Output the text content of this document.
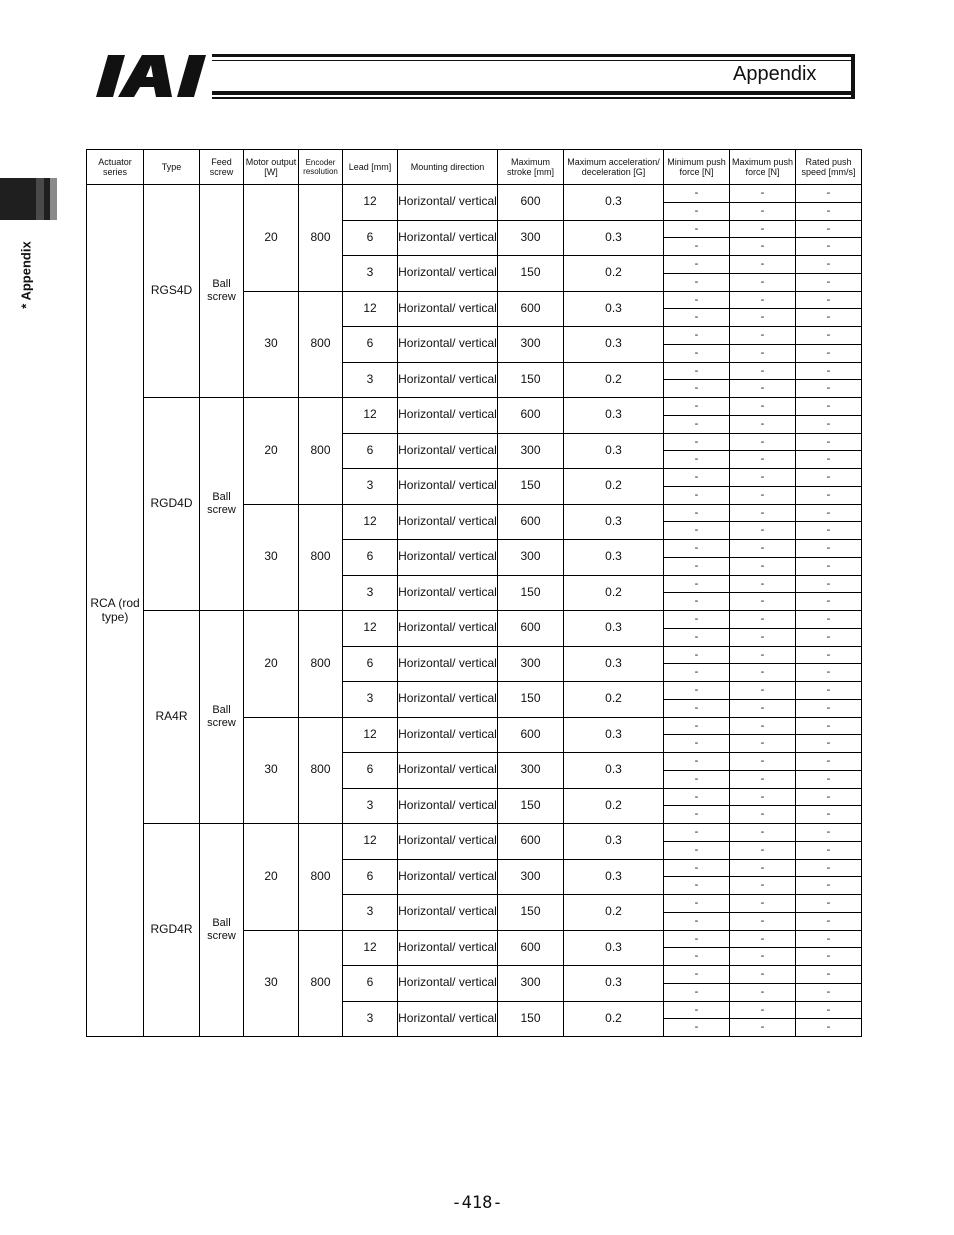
Appendix
* Appendix
Actuator series	Type	Feed screw	Motor output [W]	Encoder resolution	Lead [mm]	Mounting direction	Maximum stroke [mm]	Maximum acceleration/ deceleration [G]	Minimum push force [N]	Maximum push force [N]	Rated push speed [mm/s]
RCA (rod type)	RGS4D	Ball screw	20	800	12	Horizontal/ vertical	600	0.3	-	-	-
									-	-	-
					6	Horizontal/ vertical	300	0.3	-	-	-
									-	-	-
					3	Horizontal/ vertical	150	0.2	-	-	-
									-	-	-
			30	800	12	Horizontal/ vertical	600	0.3	-	-	-
									-	-	-
					6	Horizontal/ vertical	300	0.3	-	-	-
									-	-	-
					3	Horizontal/ vertical	150	0.2	-	-	-
									-	-	-
	RGD4D	Ball screw	20	800	12	Horizontal/ vertical	600	0.3	-	-	-
									-	-	-
					6	Horizontal/ vertical	300	0.3	-	-	-
									-	-	-
					3	Horizontal/ vertical	150	0.2	-	-	-
									-	-	-
			30	800	12	Horizontal/ vertical	600	0.3	-	-	-
									-	-	-
					6	Horizontal/ vertical	300	0.3	-	-	-
									-	-	-
					3	Horizontal/ vertical	150	0.2	-	-	-
									-	-	-
	RA4R	Ball screw	20	800	12	Horizontal/ vertical	600	0.3	-	-	-
									-	-	-
					6	Horizontal/ vertical	300	0.3	-	-	-
									-	-	-
					3	Horizontal/ vertical	150	0.2	-	-	-
									-	-	-
			30	800	12	Horizontal/ vertical	600	0.3	-	-	-
									-	-	-
					6	Horizontal/ vertical	300	0.3	-	-	-
									-	-	-
					3	Horizontal/ vertical	150	0.2	-	-	-
									-	-	-
	RGD4R	Ball screw	20	800	12	Horizontal/ vertical	600	0.3	-	-	-
									-	-	-
					6	Horizontal/ vertical	300	0.3	-	-	-
									-	-	-
					3	Horizontal/ vertical	150	0.2	-	-	-
									-	-	-
			30	800	12	Horizontal/ vertical	600	0.3	-	-	-
									-	-	-
					6	Horizontal/ vertical	300	0.3	-	-	-
									-	-	-
					3	Horizontal/ vertical	150	0.2	-	-	-
									-	-	-
-418-
